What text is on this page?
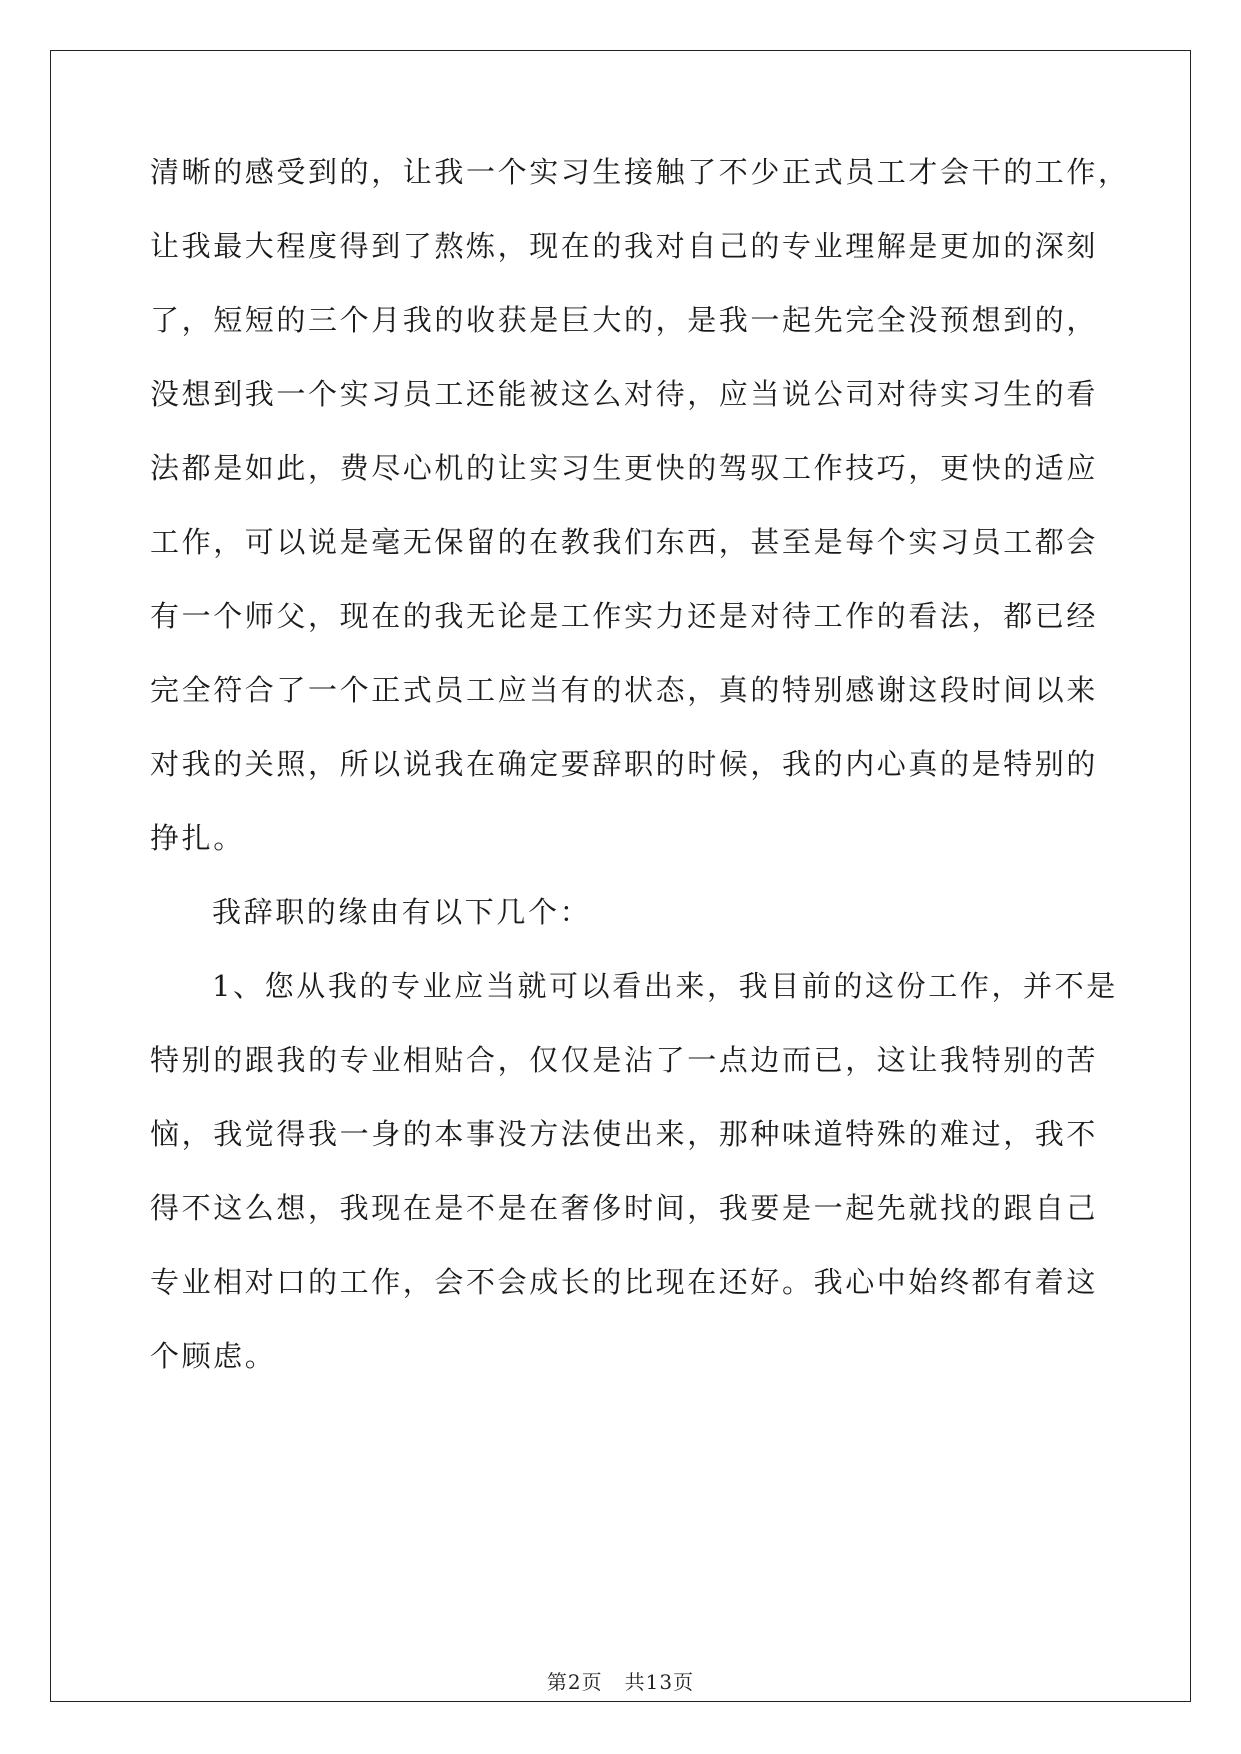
清晰的感受到的，让我一个实习生接触了不少正式员工才会干的工作，
让我最大程度得到了熬炼，现在的我对自己的专业理解是更加的深刻
了，短短的三个月我的收获是巨大的，是我一起先完全没预想到的，
没想到我一个实习员工还能被这么对待，应当说公司对待实习生的看
法都是如此，费尽心机的让实习生更快的驾驭工作技巧，更快的适应
工作，可以说是毫无保留的在教我们东西，甚至是每个实习员工都会
有一个师父，现在的我无论是工作实力还是对待工作的看法，都已经
完全符合了一个正式员工应当有的状态，真的特别感谢这段时间以来
对我的关照，所以说我在确定要辞职的时候，我的内心真的是特别的
挣扎。
我辞职的缘由有以下几个：
1、您从我的专业应当就可以看出来，我目前的这份工作，并不是
特别的跟我的专业相贴合，仅仅是沾了一点边而已，这让我特别的苦
恼，我觉得我一身的本事没方法使出来，那种味道特殊的难过，我不
得不这么想，我现在是不是在奢侈时间，我要是一起先就找的跟自己
专业相对口的工作，会不会成长的比现在还好。我心中始终都有着这
个顾虑。
第2页 共13页
